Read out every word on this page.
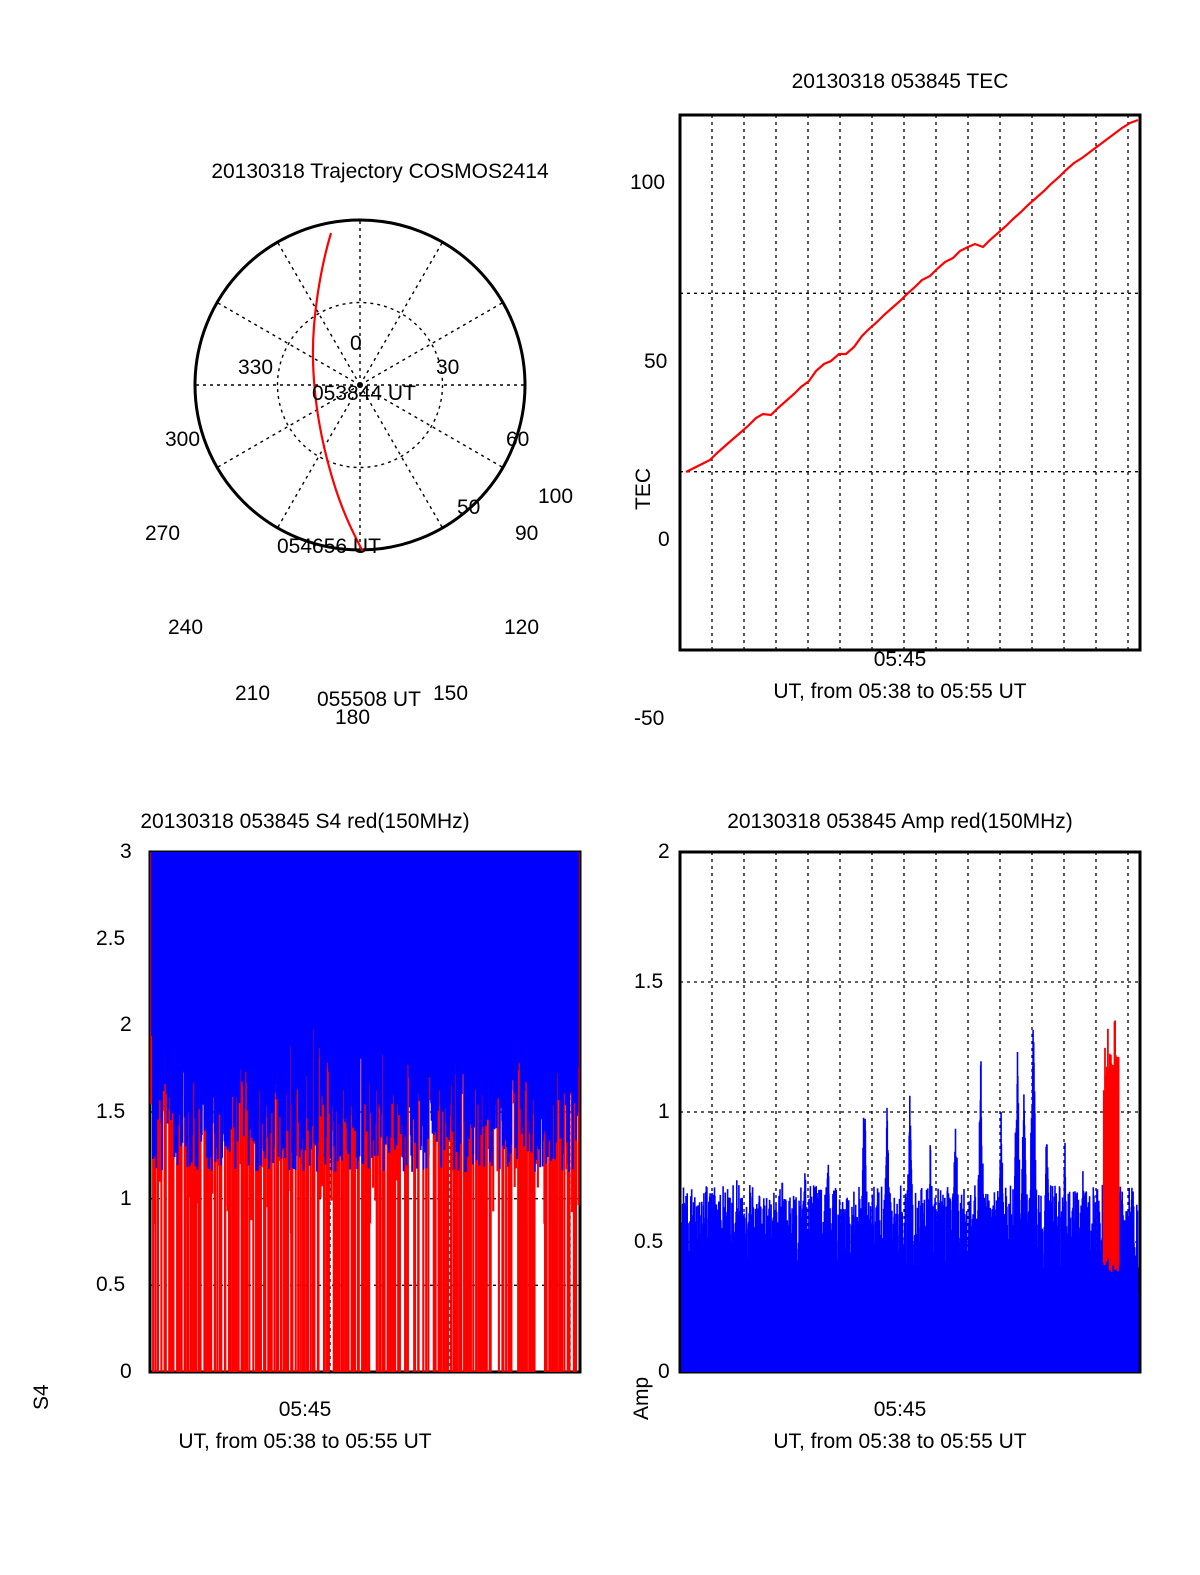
20130318 Trajectory COSMOS2414
0
30
60
90
120
150
180
210
240
270
300
330
50	100
053844 UT
054656 UT
055508 UT
20130318 053845 TEC
100
50
0
-50
TEC
05:45
UT, from 05:38 to 05:55 UT
20130318 053845 S4 red(150MHz)
3
2.5
2
1.5
1
0.5
0
S4	05:45
UT, from 05:38 to 05:55 UT
20130318 053845 Amp red(150MHz)
2
1.5
1
0.5
0
Amp	05:45
UT, from 05:38 to 05:55 UT
